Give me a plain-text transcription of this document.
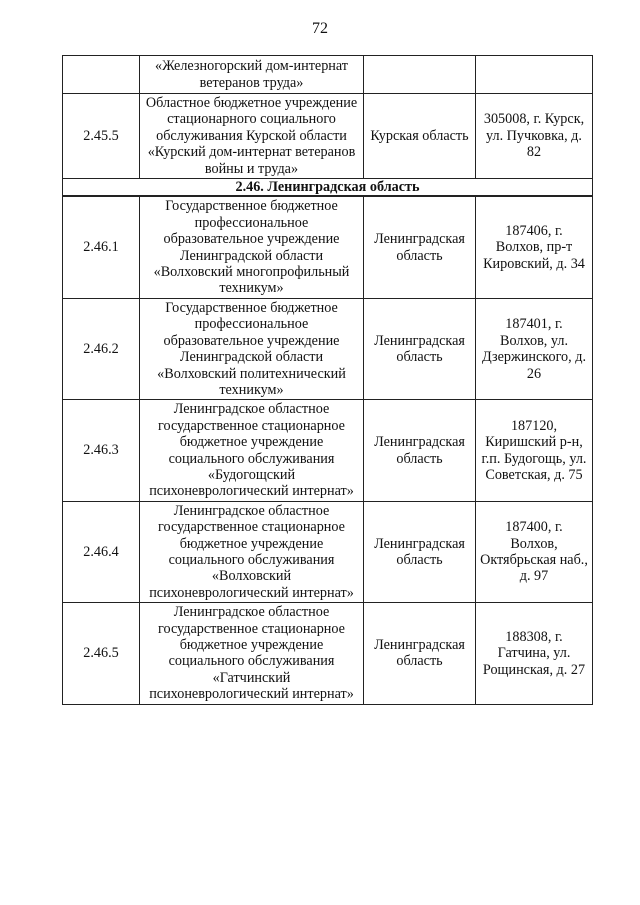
72
	«Железногорский дом-интернат ветеранов труда»		
2.45.5	Областное бюджетное учреждение стационарного социального обслуживания Курской области «Курский дом-интернат ветеранов войны и труда»	Курская область	305008, г. Курск, ул. Пучковка, д. 82
2.46. Ленинградская область			
2.46.1	Государственное бюджетное профессиональное образовательное учреждение Ленинградской области «Волховский многопрофильный техникум»	Ленинградская область	187406, г. Волхов, пр-т Кировский, д. 34
2.46.2	Государственное бюджетное профессиональное образовательное учреждение Ленинградской области «Волховский политехнический техникум»	Ленинградская область	187401, г. Волхов, ул. Дзержинского, д. 26
2.46.3	Ленинградское областное государственное стационарное бюджетное учреждение социального обслуживания «Будогощский психоневрологический интернат»	Ленинградская область	187120, Киришский р-н, г.п. Будогощь, ул. Советская, д. 75
2.46.4	Ленинградское областное государственное стационарное бюджетное учреждение социального обслуживания «Волховский психоневрологический интернат»	Ленинградская область	187400, г. Волхов, Октябрьская наб., д. 97
2.46.5	Ленинградское областное государственное стационарное бюджетное учреждение социального обслуживания «Гатчинский психоневрологический интернат»	Ленинградская область	188308, г. Гатчина, ул. Рощинская, д. 27
